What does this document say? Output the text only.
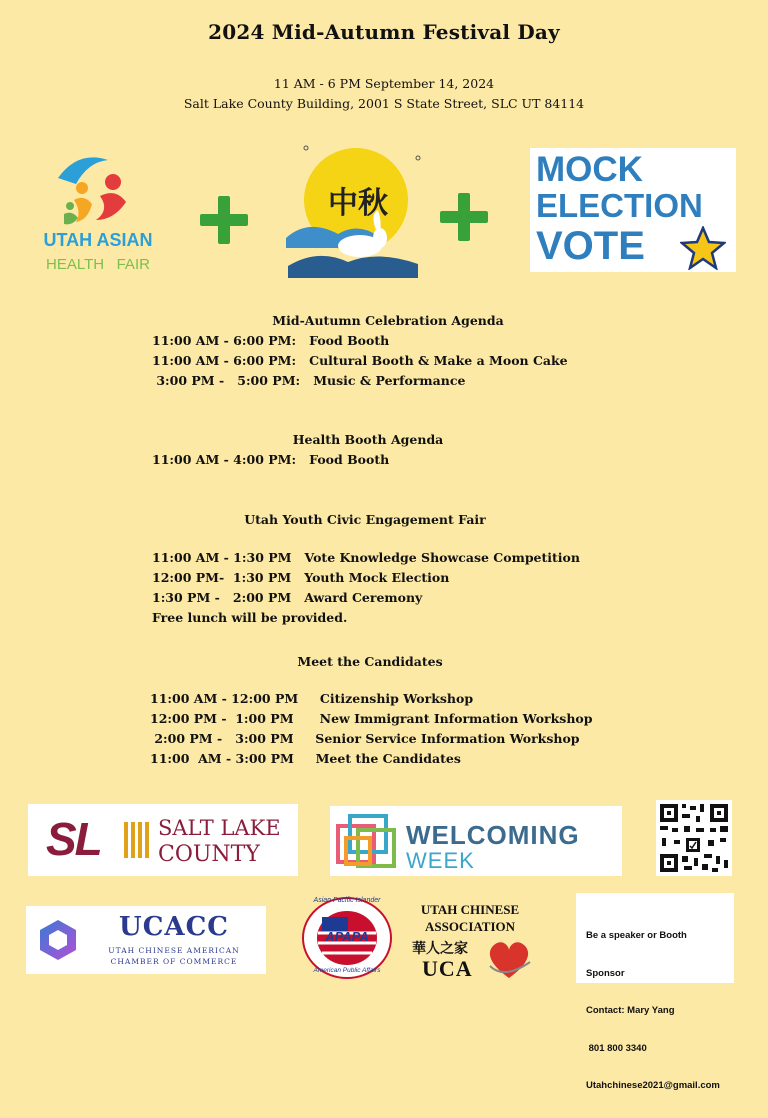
2024 Mid-Autumn Festival Day
11 AM - 6 PM September 14, 2024
Salt Lake County Building, 2001 S State Street, SLC UT 84114
UTAH ASIAN
HEALTH   FAIR
中秋
MOCK
ELECTION
VOTE
Mid-Autumn Celebration Agenda
11:00 AM - 6:00 PM:   Food Booth
11:00 AM - 6:00 PM:   Cultural Booth & Make a Moon Cake
3:00 PM -   5:00 PM:   Music & Performance
Health Booth Agenda
11:00 AM - 4:00 PM:   Food Booth
Utah Youth Civic Engagement Fair
11:00 AM - 1:30 PM   Vote Knowledge Showcase Competition
12:00 PM-  1:30 PM   Youth Mock Election
1:30 PM -   2:00 PM   Award Ceremony
Free lunch will be provided.
Meet the Candidates
11:00 AM - 12:00 PM     Citizenship Workshop
12:00 PM -  1:00 PM      New Immigrant Information Workshop
2:00 PM -   3:00 PM     Senior Service Information Workshop
11:00  AM - 3:00 PM     Meet the Candidates
SL	SALT LAKE
COUNTY
WELCOMING
WEEK
UCACC
UTAH CHINESE AMERICAN
CHAMBER OF COMMERCE
Asian Pacific Islander
APAPA
American Public Affairs
UTAH CHINESE
ASSOCIATION
華人之家
UCA

Be a speaker or Booth

Sponsor

Contact: Mary Yang

801 800 3340

Utahchinese2021@gmail.com
